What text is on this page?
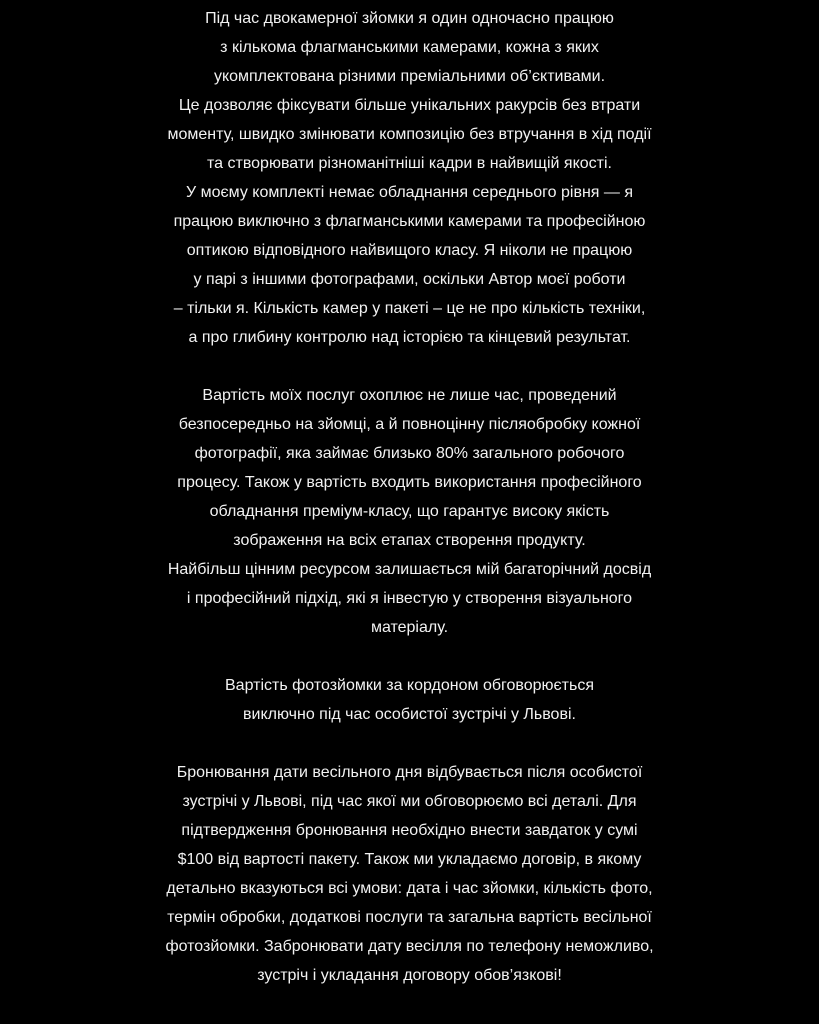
Під час двокамерної зйомки я один одночасно працюю
з кількома флагманськими камерами, кожна з яких
укомплектована різними преміальними об’єктивами.
Це дозволяє фіксувати більше унікальних ракурсів без втрати
моменту, швидко змінювати композицію без втручання в хід події
та створювати різноманітніші кадри в найвищій якості.
У моєму комплекті немає обладнання середнього рівня — я
працюю виключно з флагманськими камерами та професійною
оптикою відповідного найвищого класу. Я ніколи не працюю
у парі з іншими фотографами, оскільки Автор моєї роботи
– тільки я. Кількість камер у пакеті – це не про кількість техніки,
а про глибину контролю над історією та кінцевий результат.
Вартість моїх послуг охоплює не лише час, проведений
безпосередньо на зйомці, а й повноцінну післяобробку кожної
фотографії, яка займає близько 80% загального робочого
процесу. Також у вартість входить використання професійного
обладнання преміум-класу, що гарантує високу якість
зображення на всіх етапах створення продукту.
Найбільш цінним ресурсом залишається мій багаторічний досвід
і професійний підхід, які я інвестую у створення візуального
матеріалу.
Вартість фотозйомки за кордоном обговорюється
виключно під час особистої зустрічі у Львові.
Бронювання дати весільного дня відбувається після особистої
зустрічі у Львові, під час якої ми обговорюємо всі деталі. Для
підтвердження бронювання необхідно внести завдаток у сумі
$100 від вартості пакету. Також ми укладаємо договір, в якому
детально вказуються всі умови: дата і час зйомки, кількість фото,
термін обробки, додаткові послуги та загальна вартість весільної
фотозйомки. Забронювати дату весілля по телефону неможливо,
зустріч і укладання договору обов’язкові!
